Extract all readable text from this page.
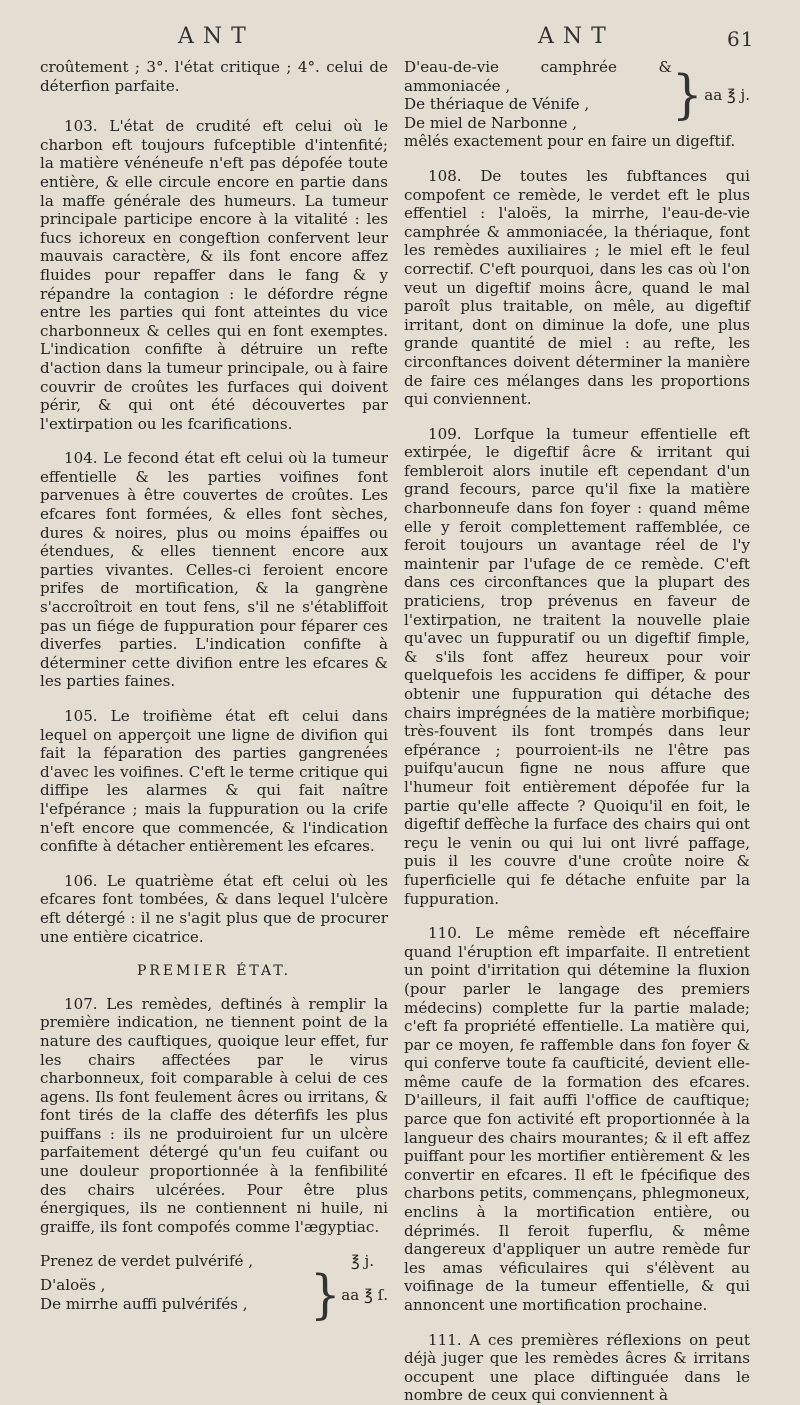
ANT	ANT	61

croûtement ; 3°. l'état critique ; 4°. celui de déterfion parfaite.

103. L'état de crudité eft celui où le charbon eft toujours fufceptible d'intenfité; la matière vénéneufe n'eft pas dépofée toute entière, & elle circule encore en partie dans la maffe générale des humeurs. La tumeur principale participe encore à la vitalité : les fucs ichoreux en congeftion confervent leur mauvais caractère, & ils font encore affez fluides pour repaffer dans le fang & y répandre la contagion : le défordre régne entre les parties qui font atteintes du vice charbonneux & celles qui en font exemptes. L'indication confifte à détruire un refte d'action dans la tumeur principale, ou à faire couvrir de croûtes les furfaces qui doivent périr, & qui ont été découvertes par l'extirpation ou les fcarifications.

104. Le fecond état eft celui où la tumeur effentielle & les parties voifines font parvenues à être couvertes de croûtes. Les efcares font formées, & elles font sèches, dures & noires, plus ou moins épaiffes ou étendues, & elles tiennent encore aux parties vivantes. Celles-ci feroient encore prifes de mortification, & la gangrène s'accroîtroit en tout fens, s'il ne s'établiffoit pas un fiége de fuppuration pour féparer ces diverfes parties. L'indication confifte à déterminer cette divifion entre les efcares & les parties faines.

105. Le troifième état eft celui dans lequel on apperçoit une ligne de divifion qui fait la féparation des parties gangrenées d'avec les voifines. C'eft le terme critique qui diffipe les alarmes & qui fait naître l'efpérance ; mais la fuppuration ou la crife n'eft encore que commencée, & l'indication confifte à détacher entièrement les efcares.

106. Le quatrième état eft celui où les efcares font tombées, & dans lequel l'ulcère eft détergé : il ne s'agit plus que de procurer une entière cicatrice.

PREMIER ÉTAT.

107. Les remèdes, deftinés à remplir la première indication, ne tiennent point de la nature des cauftiques, quoique leur effet, fur les chairs affectées par le virus charbonneux, foit comparable à celui de ces agens. Ils font feulement âcres ou irritans, & font tirés de la claffe des déterfifs les plus puiffans : ils ne produiroient fur un ulcère parfaitement détergé qu'un feu cuifant ou une douleur proportionnée à la fenfibilité des chairs ulcérées. Pour être plus énergiques, ils ne contiennent ni huile, ni graiffe, ils font compofés comme l'ægyptiac.

Prenez de verdet pulvérifé ,	℥ j.
D'aloës ,
De mirrhe auffi pulvérifés ,	} aa ℥ ſ.
D'eau-de-vie camphrée & ammoniacée ,
De thériaque de Vénife ,
De miel de Narbonne ,	} aa ℥ j.

mêlés exactement pour en faire un digeftif.

108. De toutes les fubftances qui compofent ce remède, le verdet eft le plus effentiel : l'aloës, la mirrhe, l'eau-de-vie camphrée & ammoniacée, la thériaque, font les remèdes auxiliaires ; le miel eft le feul correctif. C'eft pourquoi, dans les cas où l'on veut un digeftif moins âcre, quand le mal paroît plus traitable, on mêle, au digeftif irritant, dont on diminue la dofe, une plus grande quantité de miel : au refte, les circonftances doivent déterminer la manière de faire ces mélanges dans les proportions qui conviennent.

109. Lorfque la tumeur effentielle eft extirpée, le digeftif âcre & irritant qui fembleroit alors inutile eft cependant d'un grand fecours, parce qu'il fixe la matière charbonneufe dans fon foyer : quand même elle y feroit complettement raffemblée, ce feroit toujours un avantage réel de l'y maintenir par l'ufage de ce remède. C'eft dans ces circonftances que la plupart des praticiens, trop prévenus en faveur de l'extirpation, ne traitent la nouvelle plaie qu'avec un fuppuratif ou un digeftif fimple, & s'ils font affez heureux pour voir quelquefois les accidens fe diffiper, & pour obtenir une fuppuration qui détache des chairs imprégnées de la matière morbifique; très-fouvent ils font trompés dans leur efpérance ; pourroient-ils ne l'être pas puifqu'aucun figne ne nous affure que l'humeur foit entièrement dépofée fur la partie qu'elle affecte ? Quoiqu'il en foit, le digeftif deffèche la furface des chairs qui ont reçu le venin ou qui lui ont livré paffage, puis il les couvre d'une croûte noire & fuperficielle qui fe détache enfuite par la fuppuration.

110. Le même remède eft néceffaire quand l'éruption eft imparfaite. Il entretient un point d'irritation qui détemine la fluxion (pour parler le langage des premiers médecins) complette fur la partie malade; c'eft fa propriété effentielle. La matière qui, par ce moyen, fe raffemble dans fon foyer & qui conferve toute fa caufticité, devient elle-même caufe de la formation des efcares. D'ailleurs, il fait auffi l'office de cauftique; parce que fon activité eft proportionnée à la langueur des chairs mourantes; & il eft affez puiffant pour les mortifier entièrement & les convertir en efcares. Il eft le fpécifique des charbons petits, commençans, phlegmoneux, enclins à la mortification entière, ou déprimés. Il feroit fuperflu, & même dangereux d'appliquer un autre remède fur les amas véficulaires qui s'élèvent au voifinage de la tumeur effentielle, & qui annoncent une mortification prochaine.

111. A ces premières réflexions on peut déjà juger que les remèdes âcres & irritans occupent une place diftinguée dans le nombre de ceux qui conviennent à
